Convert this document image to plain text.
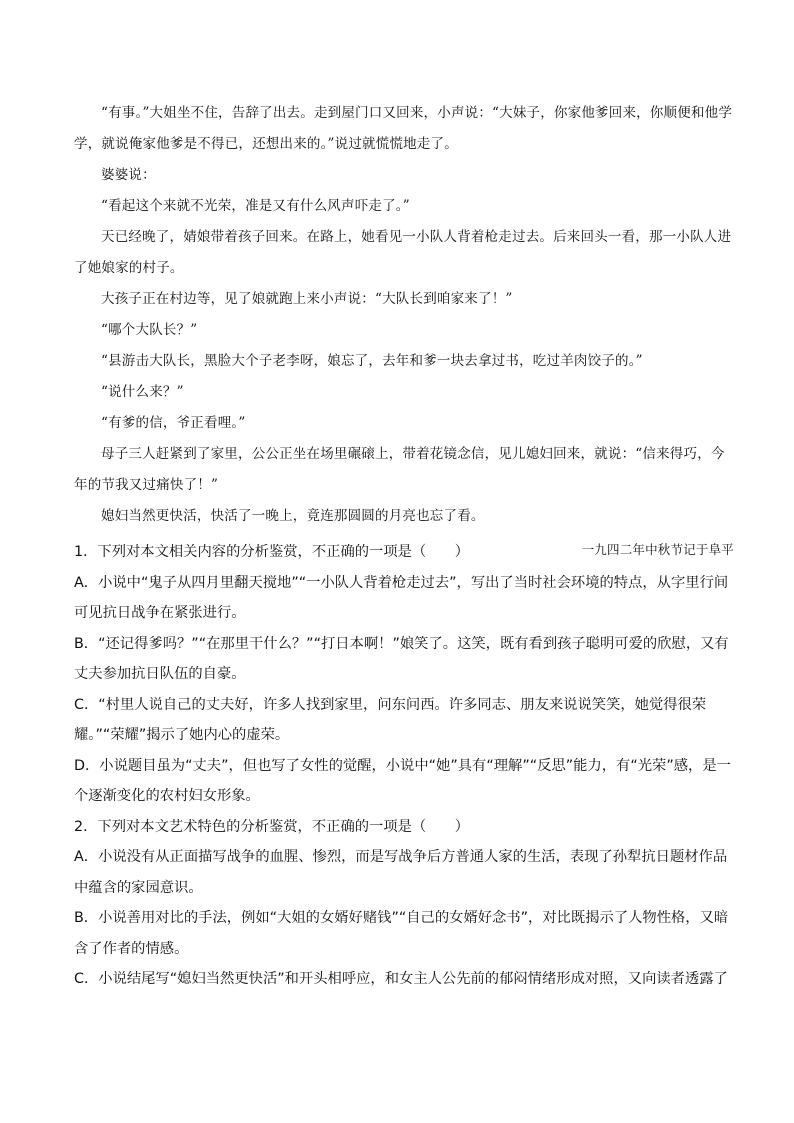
“有事。”大姐坐不住，告辞了出去。走到屋门口又回来，小声说：“大妹子，你家他爹回来，你顺便和他学学，就说俺家他爹是不得已，还想出来的。”说过就慌慌地走了。

婆婆说：

“看起这个来就不光荣，准是又有什么风声吓走了。”

天已经晚了，婧娘带着孩子回来。在路上，她看见一小队人背着枪走过去。后来回头一看，那一小队人进了她娘家的村子。

大孩子正在村边等，见了娘就跑上来小声说：“大队长到咱家来了！”

“哪个大队长？”

“县游击大队长，黑脸大个子老李呀，娘忘了，去年和爹一块去拿过书，吃过羊肉饺子的。”

“说什么来？”

“有爹的信，爷正看哩。”

母子三人赶紧到了家里，公公正坐在场里碾磙上，带着花镜念信，见儿媳妇回来，就说：“信来得巧，今年的节我又过痛快了！”

媳妇当然更快活，快活了一晚上，竟连那圆圆的月亮也忘了看。

一九四二年中秋节记于阜平

1．下列对本文相关内容的分析鉴赏，不正确的一项是（　　）

A．小说中“鬼子从四月里翻天搅地”“一小队人背着枪走过去”，写出了当时社会环境的特点，从字里行间可见抗日战争在紧张进行。

B．“还记得爹吗？”“在那里干什么？”“打日本啊！”娘笑了。这笑，既有看到孩子聪明可爱的欣慰，又有丈夫参加抗日队伍的自豪。

C．“村里人说自己的丈夫好，许多人找到家里，问东问西。许多同志、朋友来说说笑笑，她觉得很荣耀。”“荣耀”揭示了她内心的虚荣。

D．小说题目虽为“丈夫”，但也写了女性的觉醒，小说中“她”具有“理解”“反思”能力，有“光荣”感，是一个逐渐变化的农村妇女形象。

2．下列对本文艺术特色的分析鉴赏，不正确的一项是（　　）

A．小说没有从正面描写战争的血腥、惨烈，而是写战争后方普通人家的生活，表现了孙犁抗日题材作品中蕴含的家园意识。

B．小说善用对比的手法，例如“大姐的女婿好赌钱”“自己的女婿好念书”，对比既揭示了人物性格，又暗含了作者的情感。

C．小说结尾写“媳妇当然更快活”和开头相呼应，和女主人公先前的郁闷情绪形成对照，又向读者透露了
